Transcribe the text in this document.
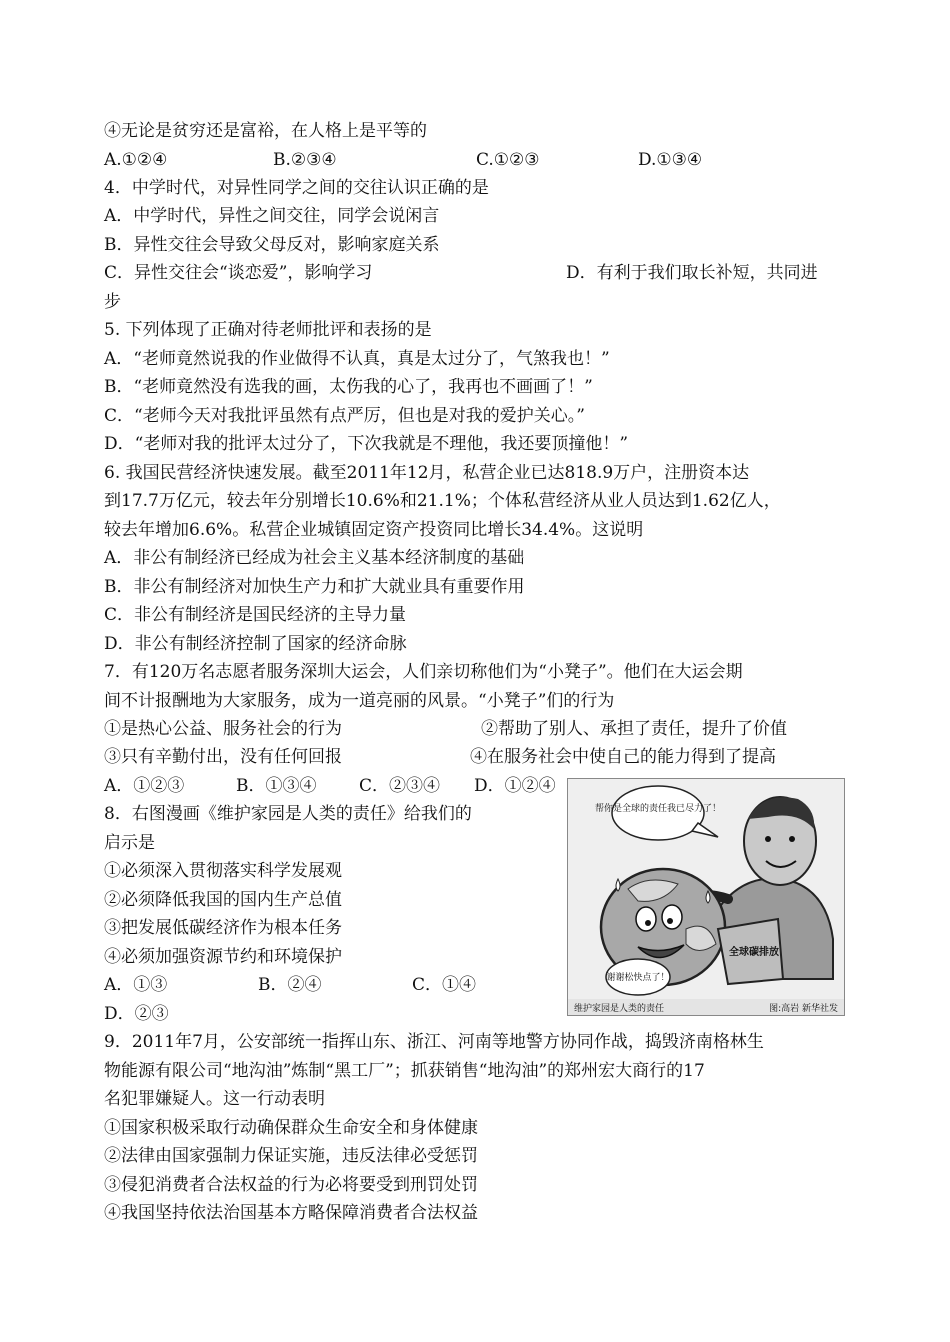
④无论是贫穷还是富裕，在人格上是平等的
A.①②④	B.②③④	C.①②③	D.①③④
4．中学时代，对异性同学之间的交往认识正确的是
A．中学时代，异性之间交往，同学会说闲言
B．异性交往会导致父母反对，影响家庭关系
C．异性交往会“谈恋爱”，影响学习	D．有利于我们取长补短，共同进
步
5. 下列体现了正确对待老师批评和表扬的是
A．“老师竟然说我的作业做得不认真，真是太过分了，气煞我也！”
B．“老师竟然没有选我的画，太伤我的心了，我再也不画画了！”
C．“老师今天对我批评虽然有点严厉，但也是对我的爱护关心。”
D．“老师对我的批评太过分了，下次我就是不理他，我还要顶撞他！”
6. 我国民营经济快速发展。截至2011年12月，私营企业已达818.9万户，注册资本达
到17.7万亿元，较去年分别增长10.6%和21.1%；个体私营经济从业人员达到1.62亿人，
较去年增加6.6%。私营企业城镇固定资产投资同比增长34.4%。这说明
A．非公有制经济已经成为社会主义基本经济制度的基础
B．非公有制经济对加快生产力和扩大就业具有重要作用
C．非公有制经济是国民经济的主导力量
D．非公有制经济控制了国家的经济命脉
7．有120万名志愿者服务深圳大运会，人们亲切称他们为“小凳子”。他们在大运会期
间不计报酬地为大家服务，成为一道亮丽的风景。“小凳子”们的行为
①是热心公益、服务社会的行为	②帮助了别人、承担了责任，提升了价值
③只有辛勤付出，没有任何回报	④在服务社会中使自己的能力得到了提高
A．①②③	B．①③④	C．②③④ D．①②④
8．右图漫画《维护家园是人类的责任》给我们的
启示是
①必须深入贯彻落实科学发展观
②必须降低我国的国内生产总值
③把发展低碳经济作为根本任务
④必须加强资源节约和环境保护
A．①③	B．②④	C．①④
D．②③
帮你是全球的责任我已尽力了！
谢谢松快点了！
全球碳排放
维护家园是人类的责任	图:高岩 新华社发
9．2011年7月，公安部统一指挥山东、浙江、河南等地警方协同作战，捣毁济南格林生
物能源有限公司“地沟油”炼制“黑工厂”；抓获销售“地沟油”的郑州宏大商行的17
名犯罪嫌疑人。这一行动表明
①国家积极采取行动确保群众生命安全和身体健康
②法律由国家强制力保证实施，违反法律必受惩罚
③侵犯消费者合法权益的行为必将要受到刑罚处罚
④我国坚持依法治国基本方略保障消费者合法权益
